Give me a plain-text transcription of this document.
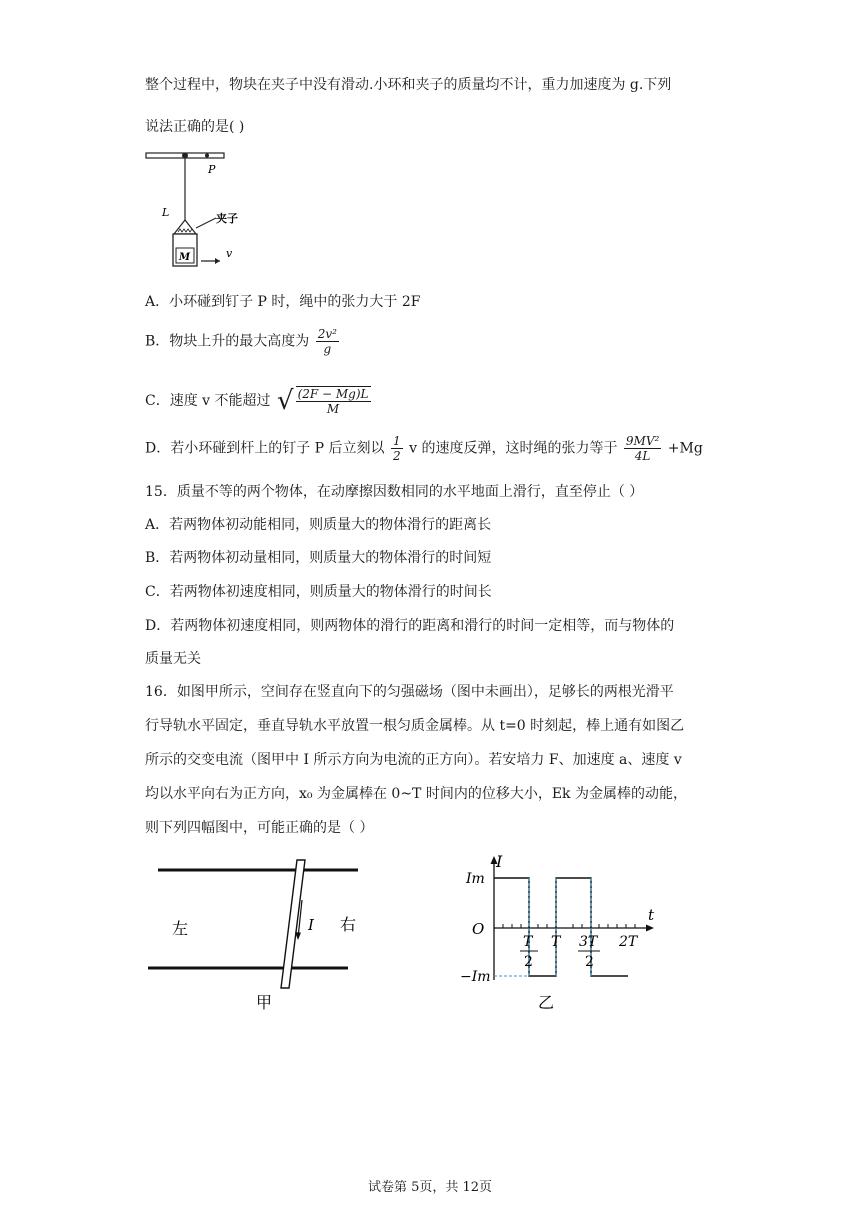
整个过程中，物块在夹子中没有滑动.小环和夹子的质量均不计，重力加速度为 g.下列
说法正确的是( )
P
L	夹子
M	v
A．小环碰到钉子 P 时，绳中的张力大于 2F
B．物块上升的最大高度为 $\frac{\text{2v²}}{g}$
C．速度 v 不能超过 √ $\frac{(2F - Mg)L}{M}$
D．若小环碰到杆上的钉子 P 后立刻以 $\frac{1}{2}$ v 的速度反弹，这时绳的张力等于 $\frac{\text{9MV²}}{4L} +Mg$
15．质量不等的两个物体，在动摩擦因数相同的水平地面上滑行，直至停止（ ）
A．若两物体初动能相同，则质量大的物体滑行的距离长
B．若两物体初动量相同，则质量大的物体滑行的时间短
C．若两物体初速度相同，则质量大的物体滑行的时间长
D．若两物体初速度相同，则两物体的滑行的距离和滑行的时间一定相等，而与物体的
质量无关
16．如图甲所示，空间存在竖直向下的匀强磁场（图中未画出），足够长的两根光滑平
行导轨水平固定，垂直导轨水平放置一根匀质金属棒。从 t=0 时刻起，棒上通有如图乙
所示的交变电流（图甲中 I 所示方向为电流的正方向）。若安培力 F、加速度 a、速度 v
均以水平向右为正方向，x₀ 为金属棒在 0~T 时间内的位移大小，Ek 为金属棒的动能，
则下列四幅图中，可能正确的是（ ）
I
左	右
甲
I
t
Im
−Im
O
T
2
T 3T
2
2T
乙
试卷第 5页，共 12页
